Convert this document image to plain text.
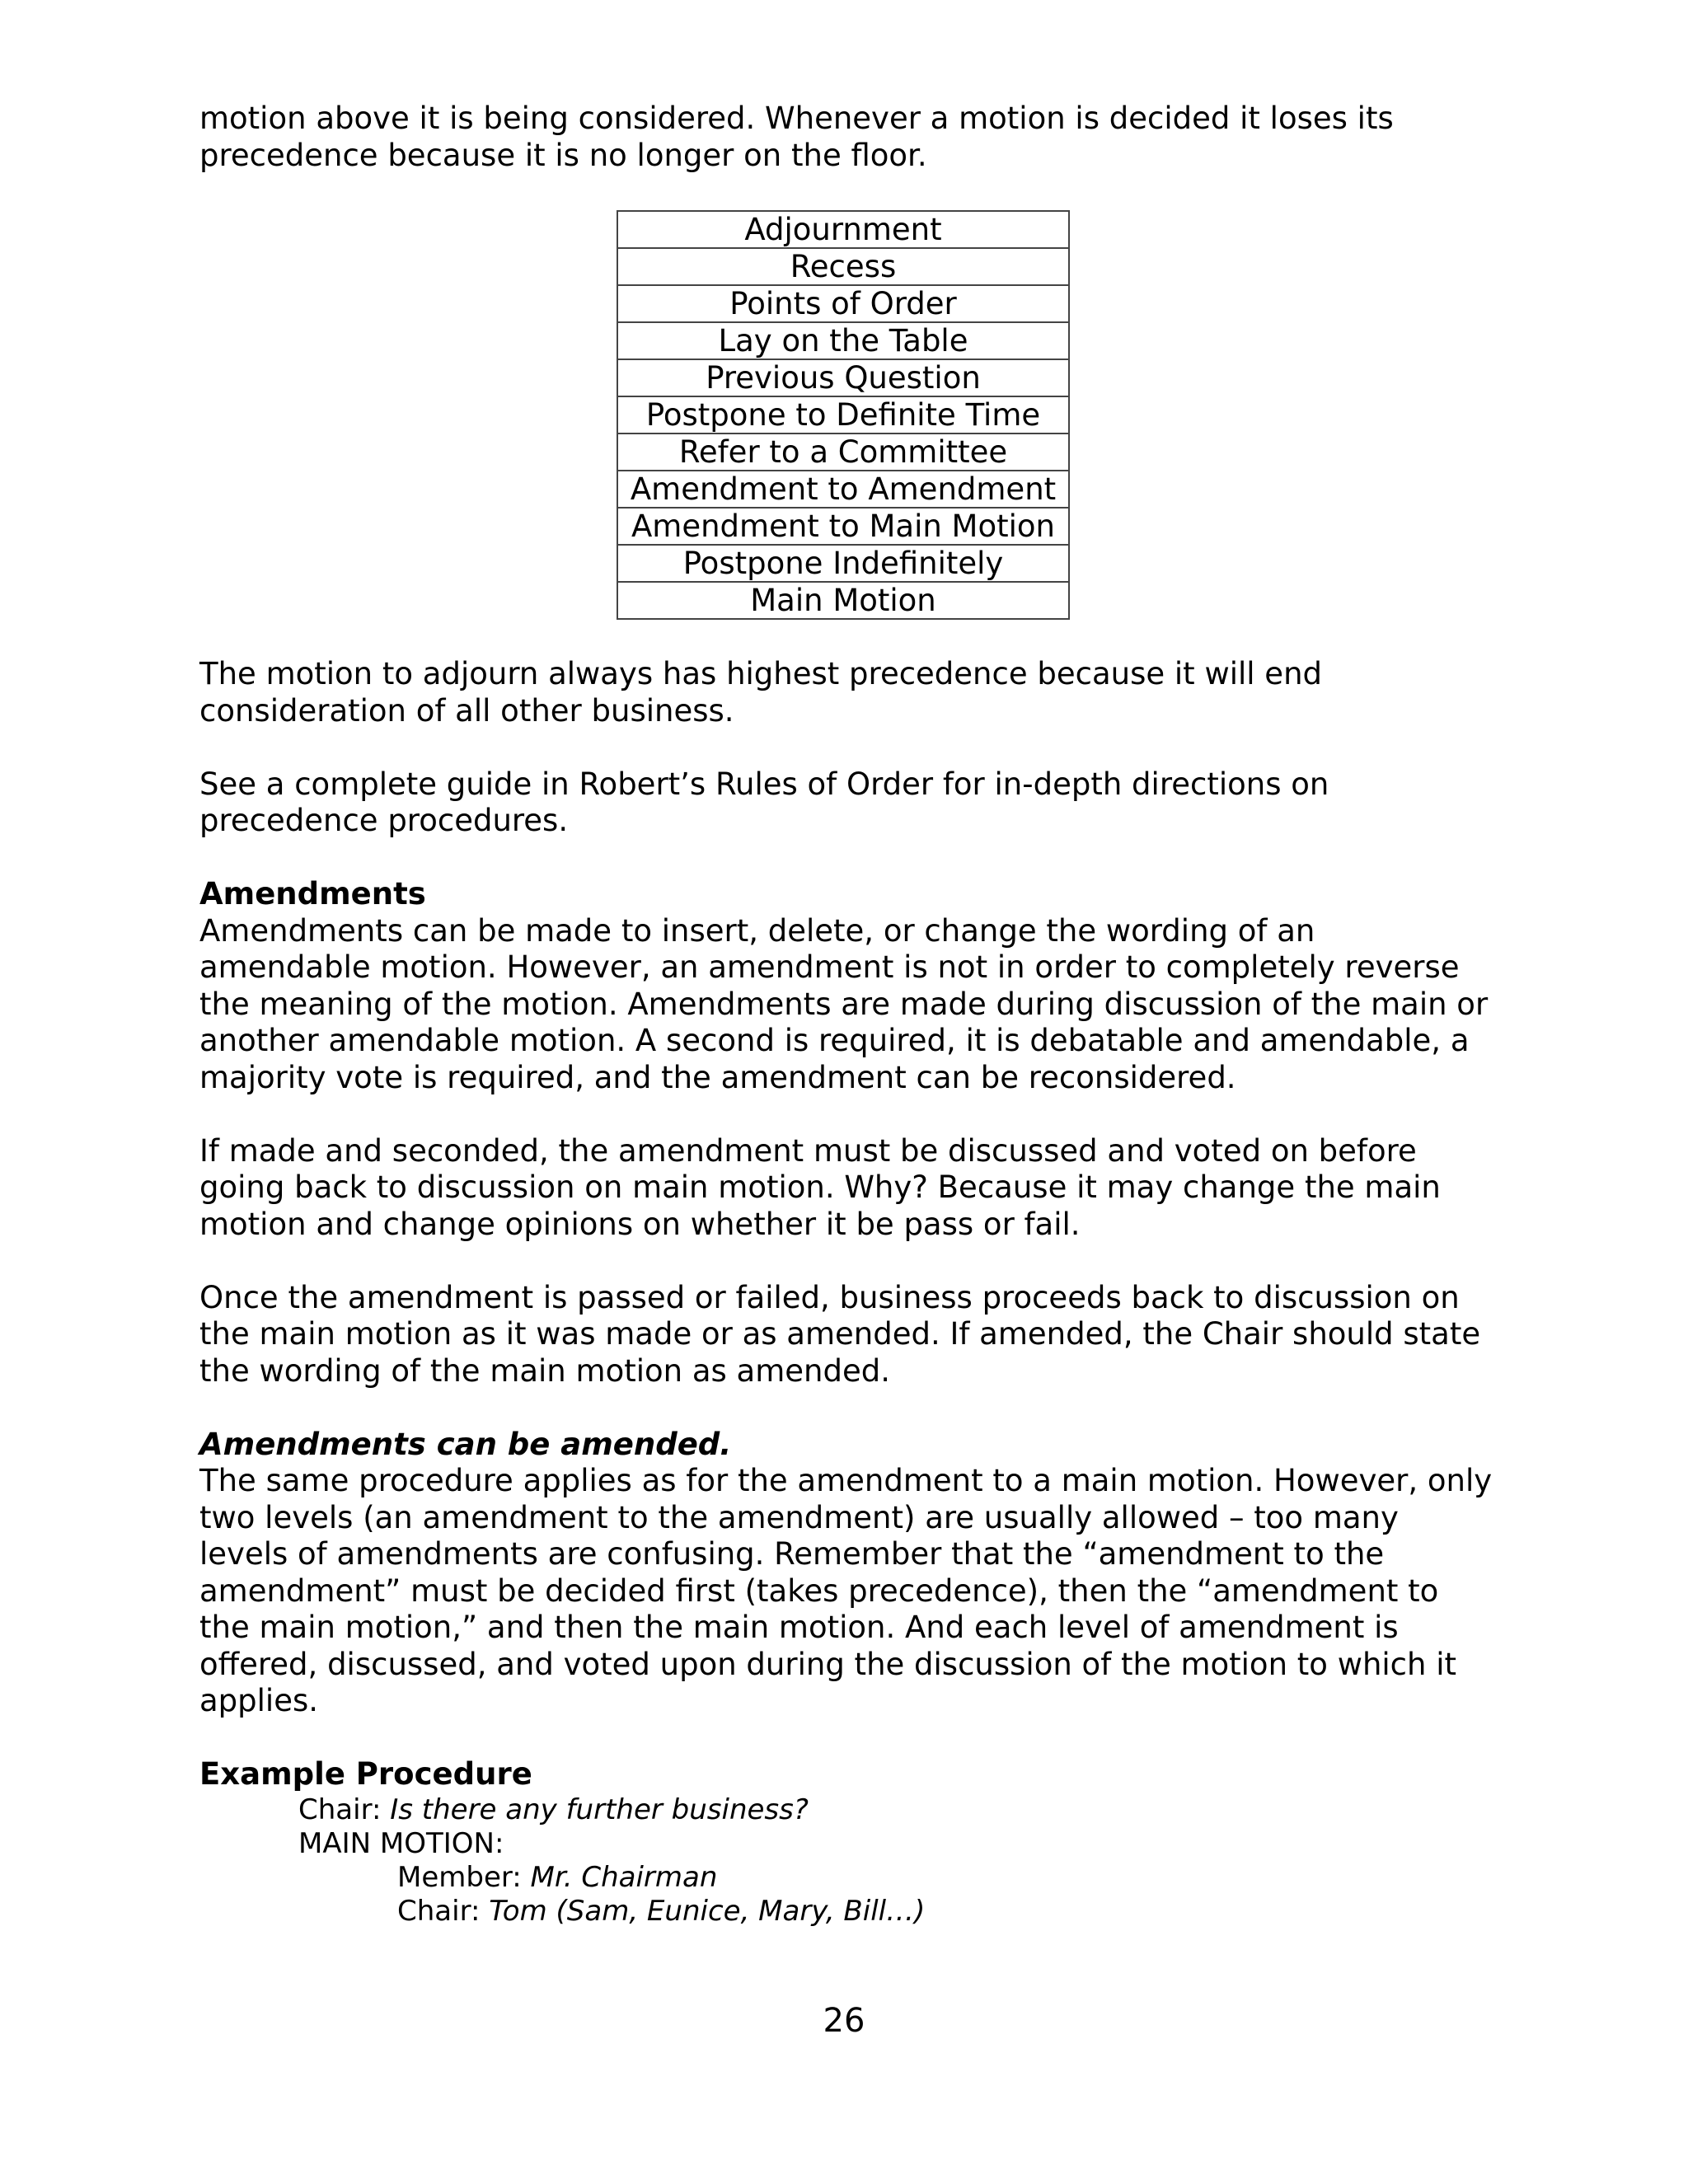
motion above it is being considered. Whenever a motion is decided it loses its precedence because it is no longer on the floor.

Adjournment
Recess
Points of Order
Lay on the Table
Previous Question
Postpone to Definite Time
Refer to a Committee
Amendment to Amendment
Amendment to Main Motion
Postpone Indefinitely
Main Motion

The motion to adjourn always has highest precedence because it will end consideration of all other business.

See a complete guide in Robert’s Rules of Order for in-depth directions on precedence procedures.

Amendments

Amendments can be made to insert, delete, or change the wording of an amendable motion. However, an amendment is not in order to completely reverse the meaning of the motion. Amendments are made during discussion of the main or another amendable motion. A second is required, it is debatable and amendable, a majority vote is required, and the amendment can be reconsidered.

If made and seconded, the amendment must be discussed and voted on before going back to discussion on main motion. Why? Because it may change the main motion and change opinions on whether it be pass or fail.

Once the amendment is passed or failed, business proceeds back to discussion on the main motion as it was made or as amended. If amended, the Chair should state the wording of the main motion as amended.

Amendments can be amended.

The same procedure applies as for the amendment to a main motion. However, only two levels (an amendment to the amendment) are usually allowed – too many levels of amendments are confusing. Remember that the “amendment to the amendment” must be decided first (takes precedence), then the “amendment to the main motion,” and then the main motion. And each level of amendment is offered, discussed, and voted upon during the discussion of the motion to which it applies.

Example Procedure

Chair: Is there any further business?

MAIN MOTION:

Member: Mr. Chairman

Chair: Tom (Sam, Eunice, Mary, Bill…)

26
